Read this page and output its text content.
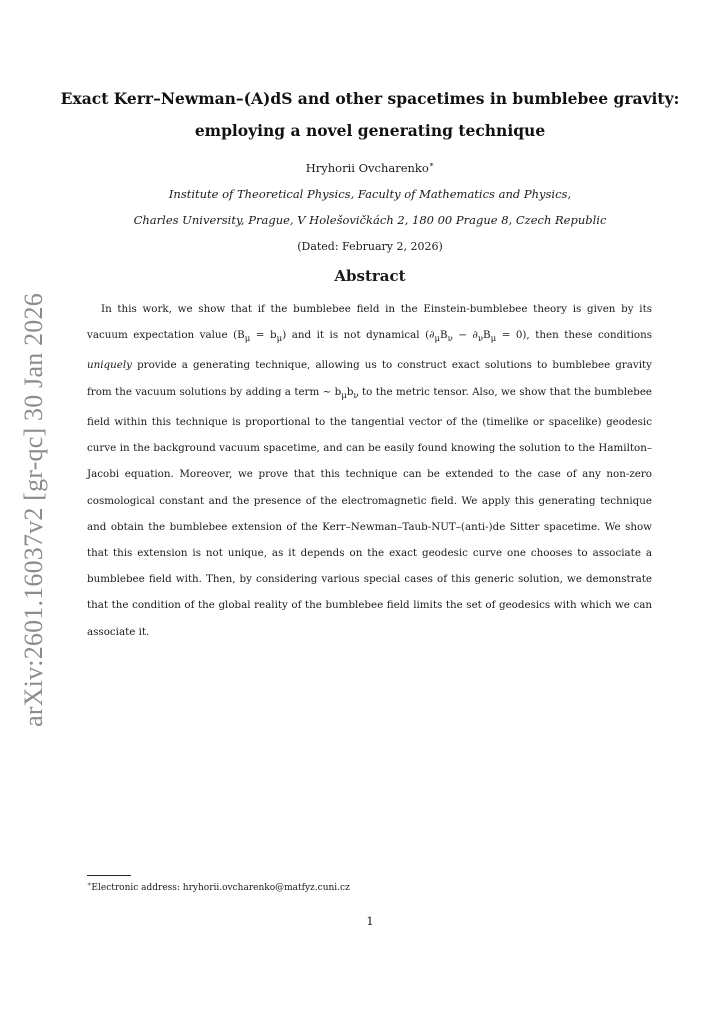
arXiv:2601.16037v2 [gr-qc] 30 Jan 2026
Exact Kerr–Newman–(A)dS and other spacetimes in bumblebee gravity: employing a novel generating technique

Hryhorii Ovcharenko∗

Institute of Theoretical Physics, Faculty of Mathematics and Physics,

Charles University, Prague, V Holešovičkách 2, 180 00 Prague 8, Czech Republic

(Dated: February 2, 2026)

Abstract

In this work, we show that if the bumblebee field in the Einstein-bumblebee theory is given by its vacuum expectation value $(B_\mu = b_\mu)$ and it is not dynamical $(\partial_\mu B_\nu - \partial_\nu B_\mu = 0)$, then these conditions uniquely provide a generating technique, allowing us to construct exact solutions to bumblebee gravity from the vacuum solutions by adding a term ∼ $b_\mu b_\nu$ to the metric tensor. Also, we show that the bumblebee field within this technique is proportional to the tangential vector of the (timelike or spacelike) geodesic curve in the background vacuum spacetime, and can be easily found knowing the solution to the Hamilton–Jacobi equation. Moreover, we prove that this technique can be extended to the case of any non-zero cosmological constant and the presence of the electromagnetic field. We apply this generating technique and obtain the bumblebee extension of the Kerr–Newman–Taub-NUT–(anti-)de Sitter spacetime. We show that this extension is not unique, as it depends on the exact geodesic curve one chooses to associate a bumblebee field with. Then, by considering various special cases of this generic solution, we demonstrate that the condition of the global reality of the bumblebee field limits the set of geodesics with which we can associate it.

∗Electronic address: hryhorii.ovcharenko@matfyz.cuni.cz

1
